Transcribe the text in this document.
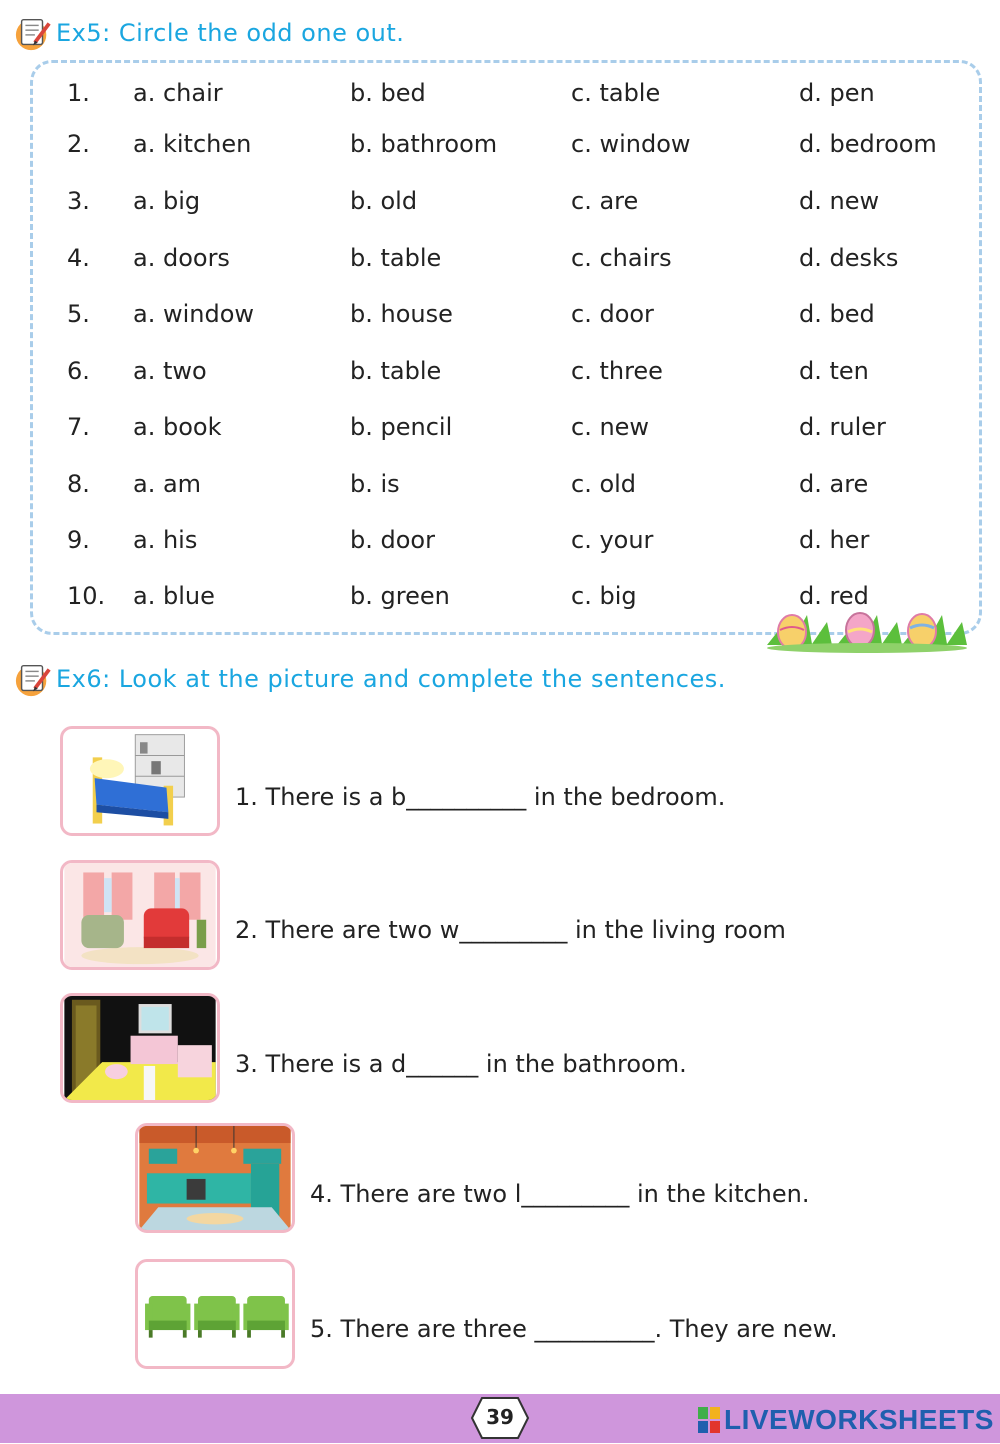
Ex5: Circle the odd one out.
1. a. chair	b. bed	c. table	d. pen
2. a. kitchen	b. bathroom	c. window	d. bedroom
3. a. big	b. old	c. are	d. new
4. a. doors	b. table	c. chairs	d. desks
5. a. window	b. house	c. door	d. bed
6. a. two	b. table	c. three	d. ten
7. a. book	b. pencil	c. new	d. ruler
8. a. am	b. is	c. old	d. are
9. a. his	b. door	c. your	d. her
10. a. blue	b. green	c. big	d. red
Ex6: Look at the picture and complete the sentences.
1. There is a b__________ in the bedroom.
2. There are two w_________ in the living room
3. There is a d______ in the bathroom.
4. There are two l_________ in the kitchen.
5. There are three __________. They are new.
39	LIVEWORKSHEETS
